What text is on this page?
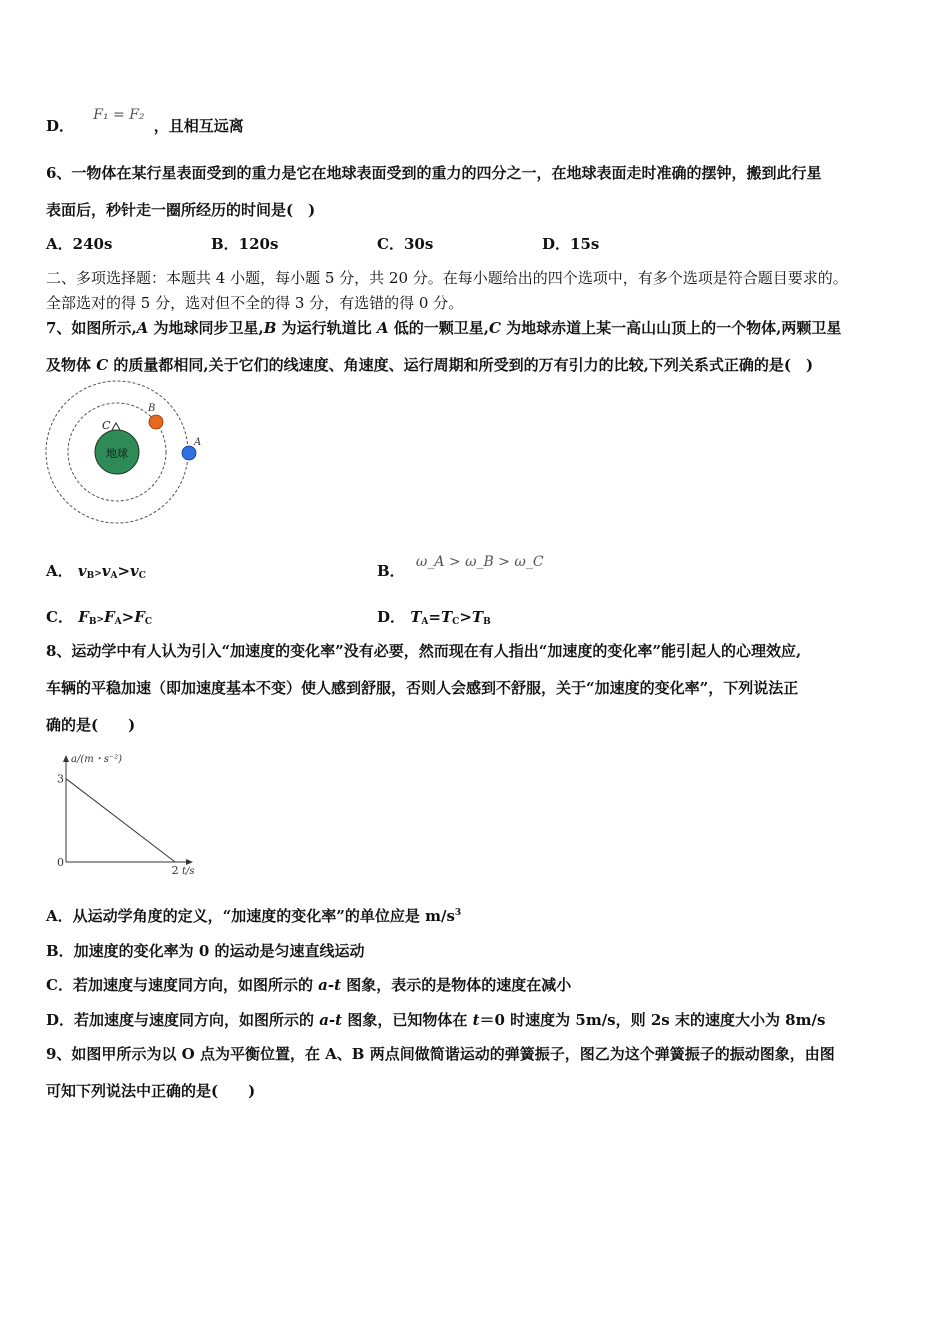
D． F₁ = F₂ ，且相互远离
6、一物体在某行星表面受到的重力是它在地球表面受到的重力的四分之一，在地球表面走时准确的摆钟，搬到此行星
表面后，秒针走一圈所经历的时间是(　)
A．240s	B．120s	C．30s	D．15s
二、多项选择题：本题共 4 小题，每小题 5 分，共 20 分。在每小题给出的四个选项中，有多个选项是符合题目要求的。
全部选对的得 5 分，选对但不全的得 3 分，有选错的得 0 分。
7、如图所示,A 为地球同步卫星,B 为运行轨道比 A 低的一颗卫星,C 为地球赤道上某一高山山顶上的一个物体,两颗卫星
及物体 C 的质量都相同,关于它们的线速度、角速度、运行周期和所受到的万有引力的比较,下列关系式正确的是(　)
地球
B
A
C
A． $v_B>v_A>v_C$	B． ω_A > ω_B > ω_C
C． $F_B>F_A>F_C$	D． $T_A=T_C>T_B$
8、运动学中有人认为引入“加速度的变化率”没有必要，然而现在有人指出“加速度的变化率”能引起人的心理效应,
车辆的平稳加速（即加速度基本不变）使人感到舒服，否则人会感到不舒服，关于“加速度的变化率”，下列说法正
确的是(　　)
a/(m・s⁻²)
t/s
3
2
0
A．从运动学角度的定义，“加速度的变化率”的单位应是 $m/s^3$
B．加速度的变化率为 0 的运动是匀速直线运动
C．若加速度与速度同方向，如图所示的 a-t 图象，表示的是物体的速度在减小
D．若加速度与速度同方向，如图所示的 a-t 图象，已知物体在 t＝0 时速度为 5m/s，则 2s 末的速度大小为 8m/s
9、如图甲所示为以 O 点为平衡位置，在 A、B 两点间做简谐运动的弹簧振子，图乙为这个弹簧振子的振动图象，由图
可知下列说法中正确的是(　　)
